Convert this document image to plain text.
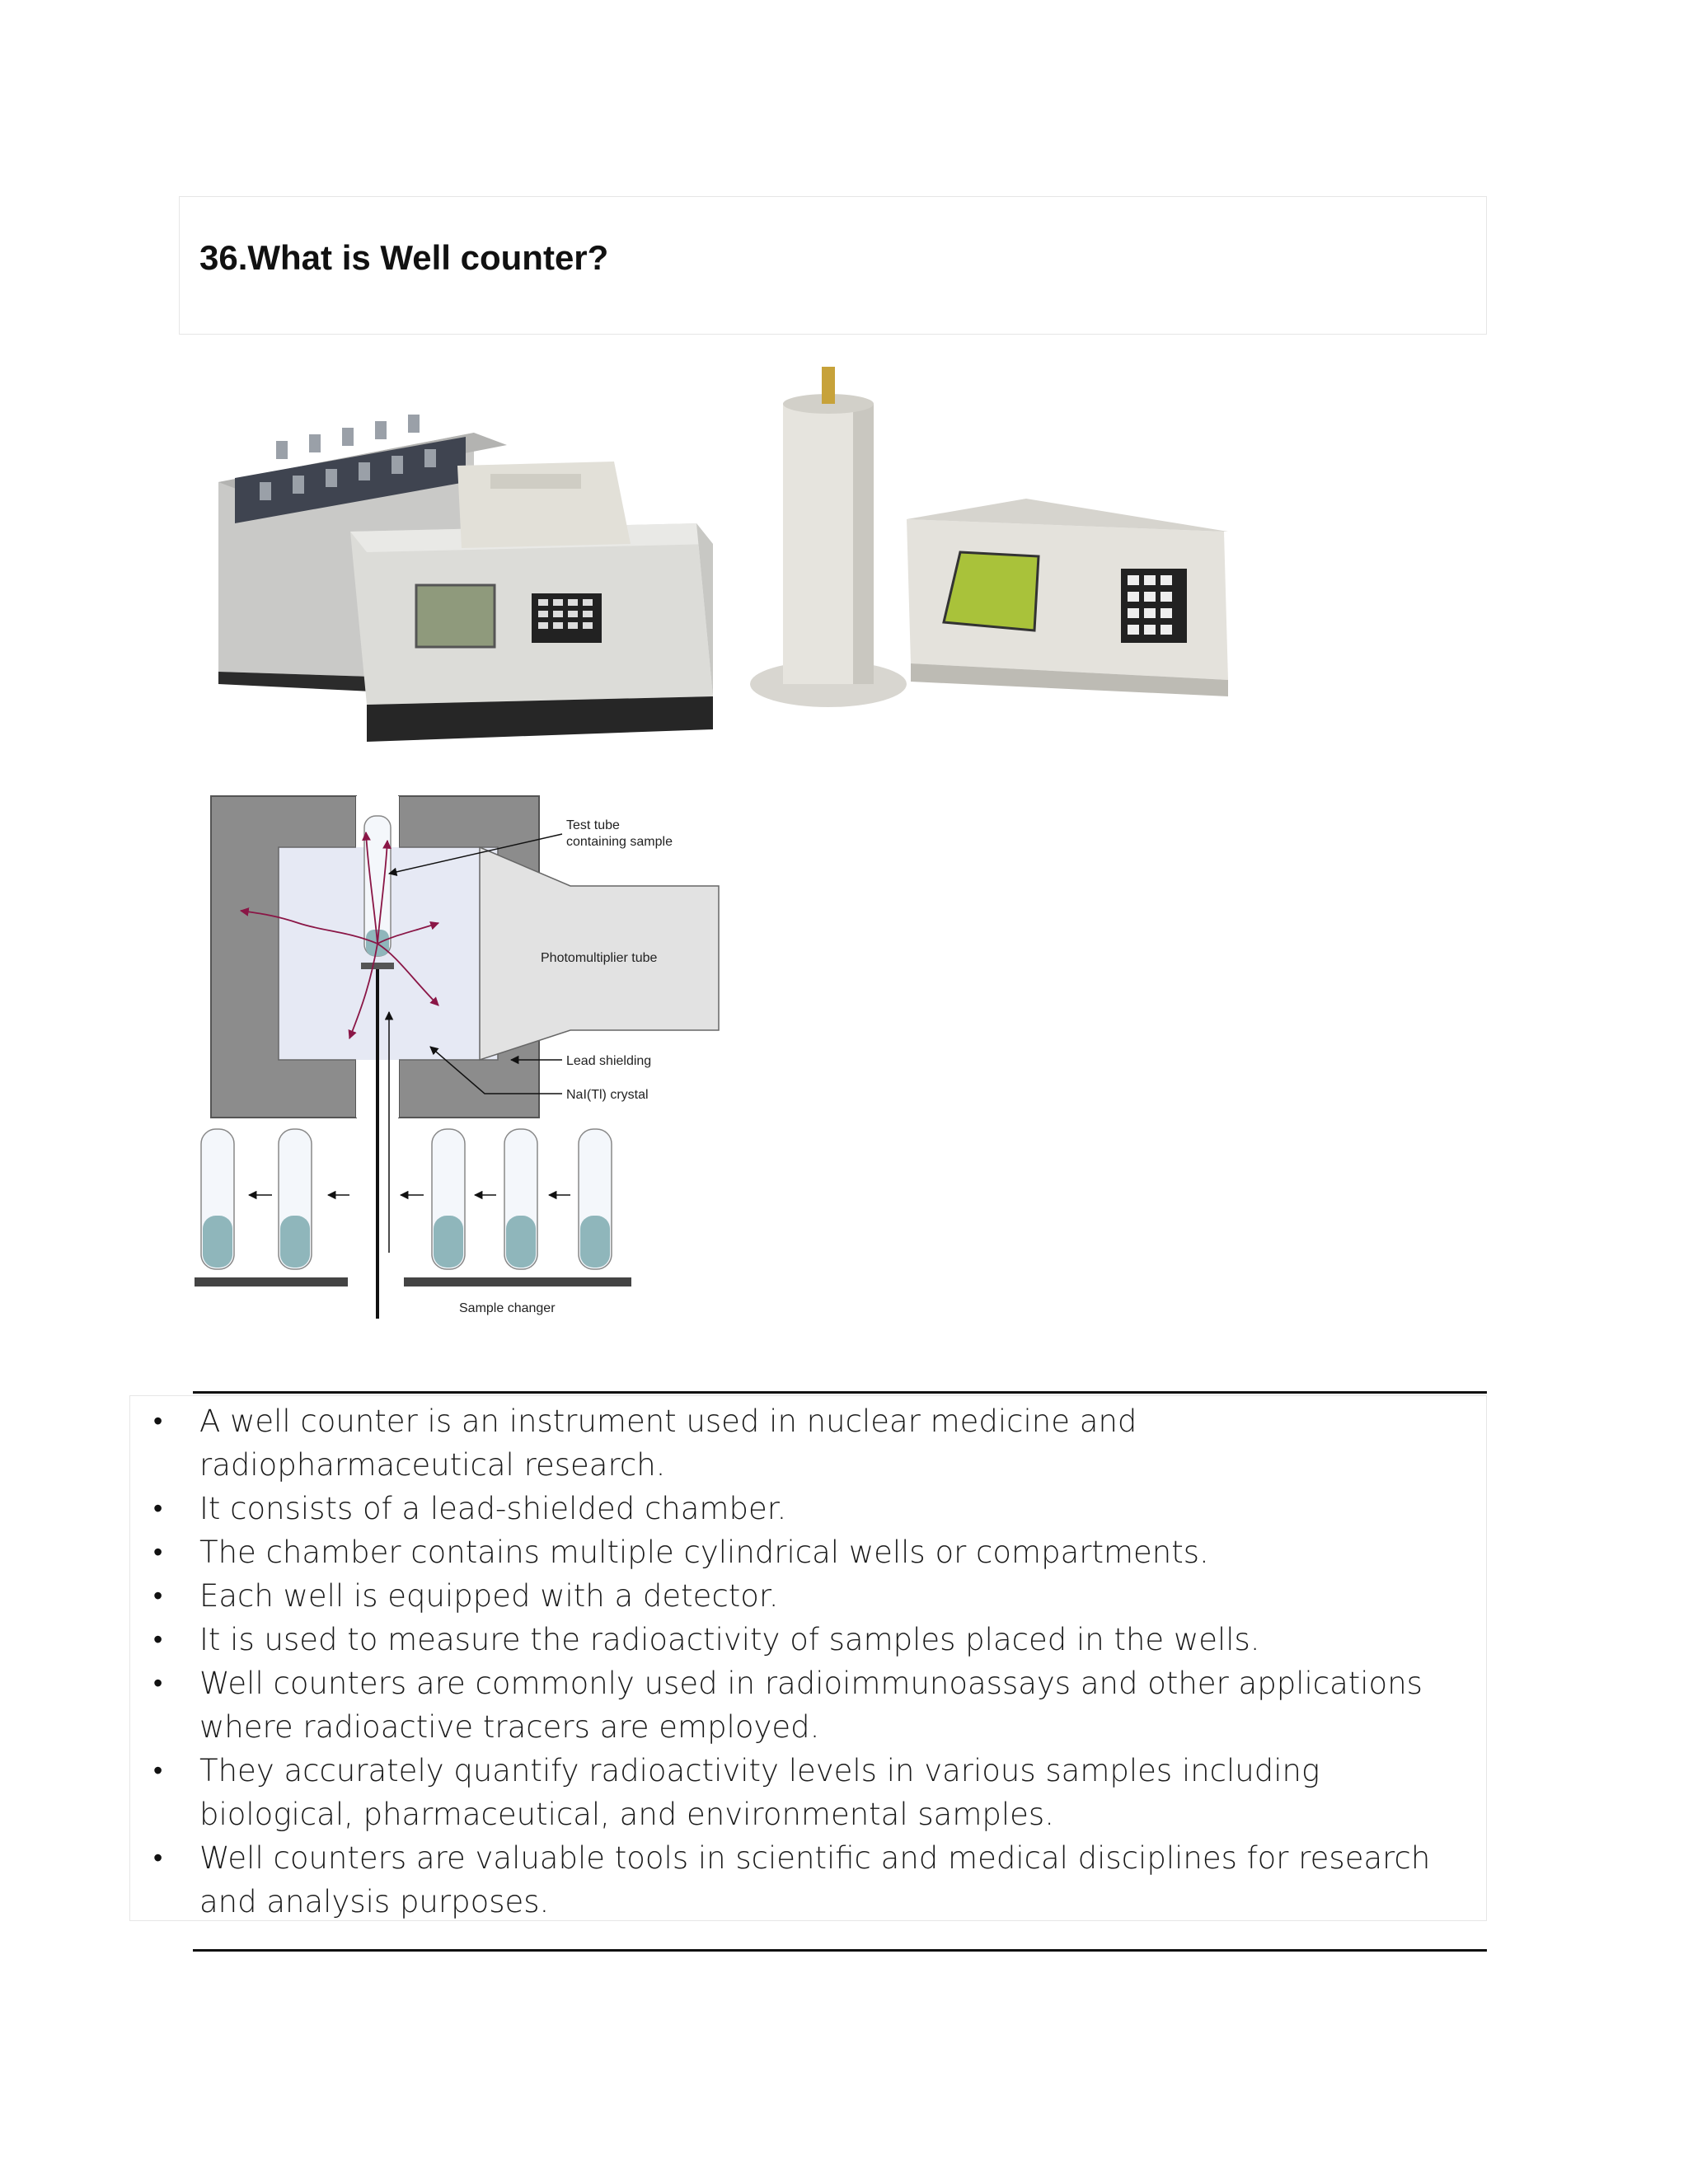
36.What is Well counter?
Test tube
containing sample
Photomultiplier tube
Lead shielding
NaI(Tl) crystal
Sample changer
• A well counter is an instrument used in nuclear medicine and radiopharmaceutical research.
• It consists of a lead-shielded chamber.
• The chamber contains multiple cylindrical wells or compartments.
• Each well is equipped with a detector.
• It is used to measure the radioactivity of samples placed in the wells.
• Well counters are commonly used in radioimmunoassays and other applications where radioactive tracers are employed.
• They accurately quantify radioactivity levels in various samples including biological, pharmaceutical, and environmental samples.
• Well counters are valuable tools in scientific and medical disciplines for research and analysis purposes.
